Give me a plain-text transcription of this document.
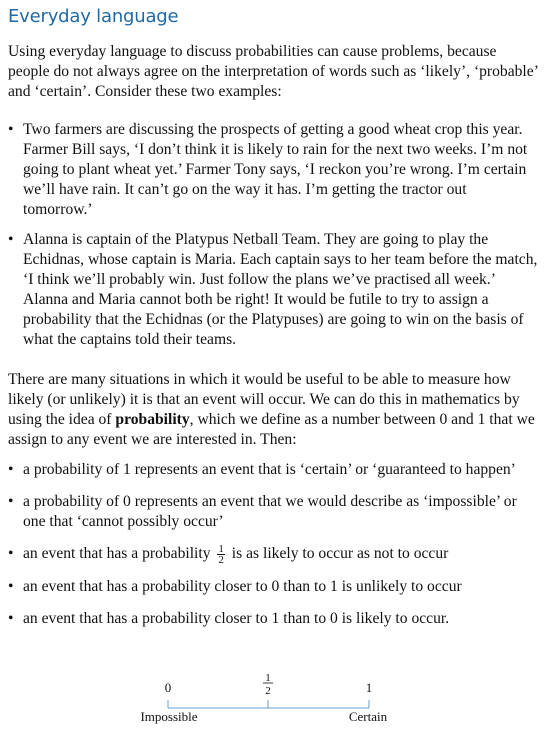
Everyday language

Using everyday language to discuss probabilities can cause problems, because people do not always agree on the interpretation of words such as ‘likely’, ‘probable’ and ‘certain’. Consider these two examples:

• Two farmers are discussing the prospects of getting a good wheat crop this year. Farmer Bill says, ‘I don’t think it is likely to rain for the next two weeks. I’m not going to plant wheat yet.’ Farmer Tony says, ‘I reckon you’re wrong. I’m certain we’ll have rain. It can’t go on the way it has. I’m getting the tractor out tomorrow.’
• Alanna is captain of the Platypus Netball Team. They are going to play the Echidnas, whose captain is Maria. Each captain says to her team before the match, ‘I think we’ll probably win. Just follow the plans we’ve practised all week.’ Alanna and Maria cannot both be right! It would be futile to try to assign a probability that the Echidnas (or the Platypuses) are going to win on the basis of what the captains told their teams.

There are many situations in which it would be useful to be able to measure how likely (or unlikely) it is that an event will occur. We can do this in mathematics by using the idea of probability, which we define as a number between 0 and 1 that we assign to any event we are interested in. Then:

• a probability of 1 represents an event that is ‘certain’ or ‘guaranteed to happen’
• a probability of 0 represents an event that we would describe as ‘impossible’ or one that ‘cannot possibly occur’
• an event that has a probability $\frac{1}{2}$ is as likely to occur as not to occur
• an event that has a probability closer to 0 than to 1 is unlikely to occur
• an event that has a probability closer to 1 than to 0 is likely to occur.
0
1
2	1
Impossible	Certain
